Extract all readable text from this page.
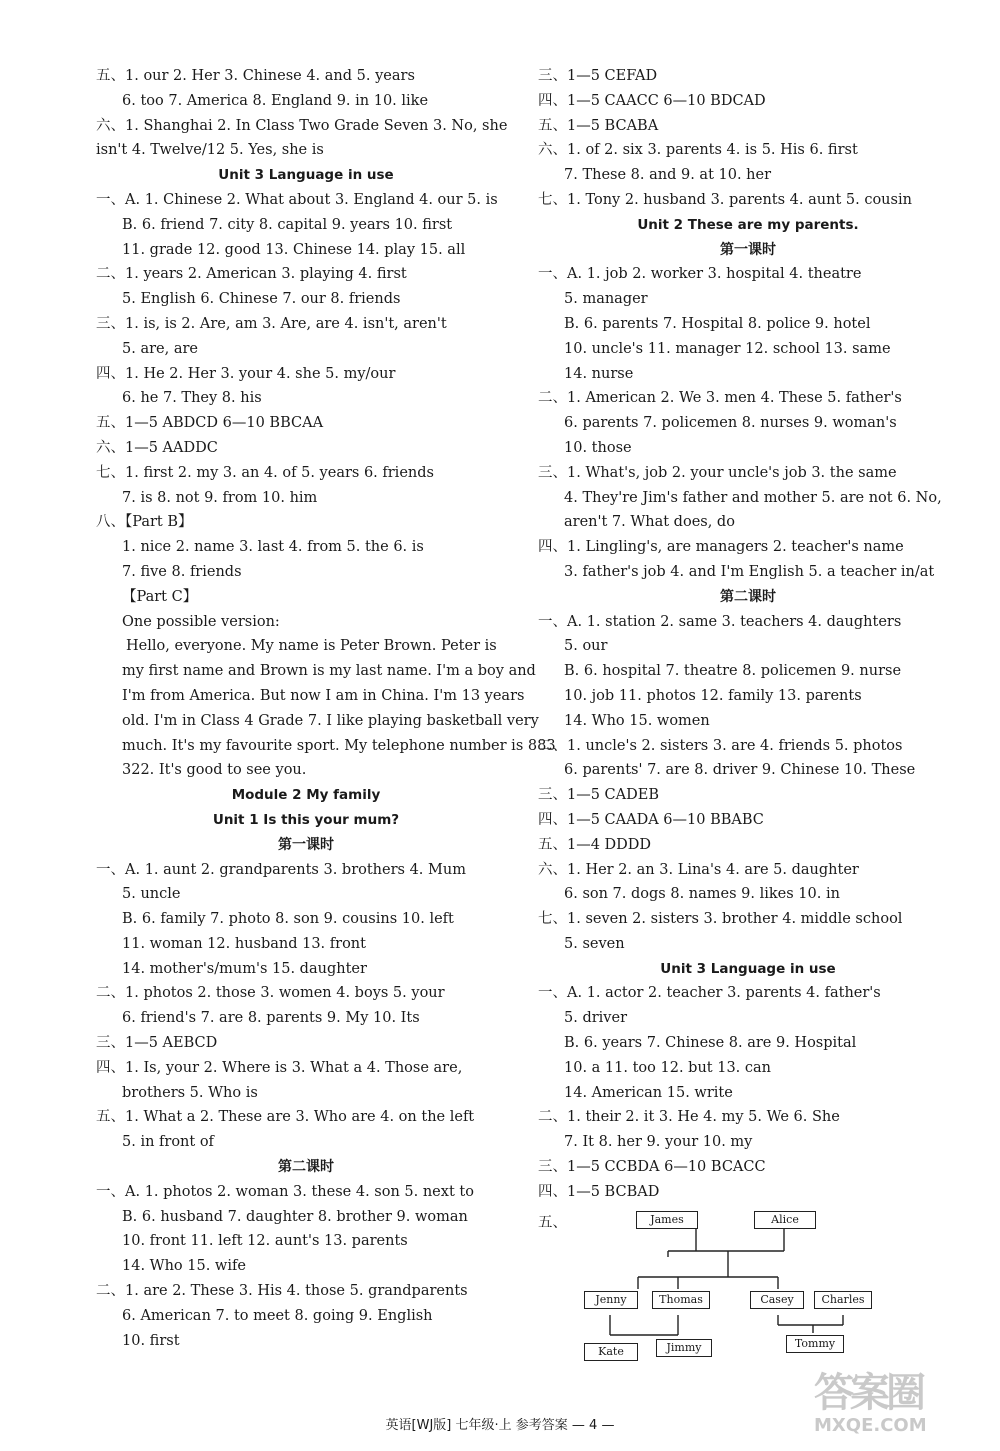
五、1. our 2. Her 3. Chinese 4. and 5. years
6. too 7. America 8. England 9. in 10. like
六、1. Shanghai 2. In Class Two Grade Seven 3. No, she
isn't 4. Twelve/12 5. Yes, she is
Unit 3 Language in use
一、A. 1. Chinese 2. What about 3. England 4. our 5. is
B. 6. friend 7. city 8. capital 9. years 10. first
11. grade 12. good 13. Chinese 14. play 15. all
二、1. years 2. American 3. playing 4. first
5. English 6. Chinese 7. our 8. friends
三、1. is, is 2. Are, am 3. Are, are 4. isn't, aren't
5. are, are
四、1. He 2. Her 3. your 4. she 5. my/our
6. he 7. They 8. his
五、1—5 ABDCD 6—10 BBCAA
六、1—5 AADDC
七、1. first 2. my 3. an 4. of 5. years 6. friends
7. is 8. not 9. from 10. him
八、【Part B】
1. nice 2. name 3. last 4. from 5. the 6. is
7. five 8. friends
【Part C】
One possible version:
Hello, everyone. My name is Peter Brown. Peter is
my first name and Brown is my last name. I'm a boy and
I'm from America. But now I am in China. I'm 13 years
old. I'm in Class 4 Grade 7. I like playing basketball very
much. It's my favourite sport. My telephone number is 883
322. It's good to see you.
Module 2 My family
Unit 1 Is this your mum?
第一课时
一、A. 1. aunt 2. grandparents 3. brothers 4. Mum
5. uncle
B. 6. family 7. photo 8. son 9. cousins 10. left
11. woman 12. husband 13. front
14. mother's/mum's 15. daughter
二、1. photos 2. those 3. women 4. boys 5. your
6. friend's 7. are 8. parents 9. My 10. Its
三、1—5 AEBCD
四、1. Is, your 2. Where is 3. What a 4. Those are,
brothers 5. Who is
五、1. What a 2. These are 3. Who are 4. on the left
5. in front of
第二课时
一、A. 1. photos 2. woman 3. these 4. son 5. next to
B. 6. husband 7. daughter 8. brother 9. woman
10. front 11. left 12. aunt's 13. parents
14. Who 15. wife
二、1. are 2. These 3. His 4. those 5. grandparents
6. American 7. to meet 8. going 9. English
10. first
三、1—5 CEFAD
四、1—5 CAACC 6—10 BDCAD
五、1—5 BCABA
六、1. of 2. six 3. parents 4. is 5. His 6. first
7. These 8. and 9. at 10. her
七、1. Tony 2. husband 3. parents 4. aunt 5. cousin
Unit 2 These are my parents.
第一课时
一、A. 1. job 2. worker 3. hospital 4. theatre
5. manager
B. 6. parents 7. Hospital 8. police 9. hotel
10. uncle's 11. manager 12. school 13. same
14. nurse
二、1. American 2. We 3. men 4. These 5. father's
6. parents 7. policemen 8. nurses 9. woman's
10. those
三、1. What's, job 2. your uncle's job 3. the same
4. They're Jim's father and mother 5. are not 6. No,
aren't 7. What does, do
四、1. Lingling's, are managers 2. teacher's name
3. father's job 4. and I'm English 5. a teacher in/at
第二课时
一、A. 1. station 2. same 3. teachers 4. daughters
5. our
B. 6. hospital 7. theatre 8. policemen 9. nurse
10. job 11. photos 12. family 13. parents
14. Who 15. women
二、1. uncle's 2. sisters 3. are 4. friends 5. photos
6. parents' 7. are 8. driver 9. Chinese 10. These
三、1—5 CADEB
四、1—5 CAADA 6—10 BBABC
五、1—4 DDDD
六、1. Her 2. an 3. Lina's 4. are 5. daughter
6. son 7. dogs 8. names 9. likes 10. in
七、1. seven 2. sisters 3. brother 4. middle school
5. seven
Unit 3 Language in use
一、A. 1. actor 2. teacher 3. parents 4. father's
5. driver
B. 6. years 7. Chinese 8. are 9. Hospital
10. a 11. too 12. but 13. can
14. American 15. write
二、1. their 2. it 3. He 4. my 5. We 6. She
7. It 8. her 9. your 10. my
三、1—5 CCBDA 6—10 BCACC
四、1—5 BCBAD
五、	James	Alice
Jenny	Thomas	Casey	Charles
Kate	Jimmy	Tommy
英语[WJ版] 七年级·上 参考答案 — 4 —
答案圈
MXQE.COM
